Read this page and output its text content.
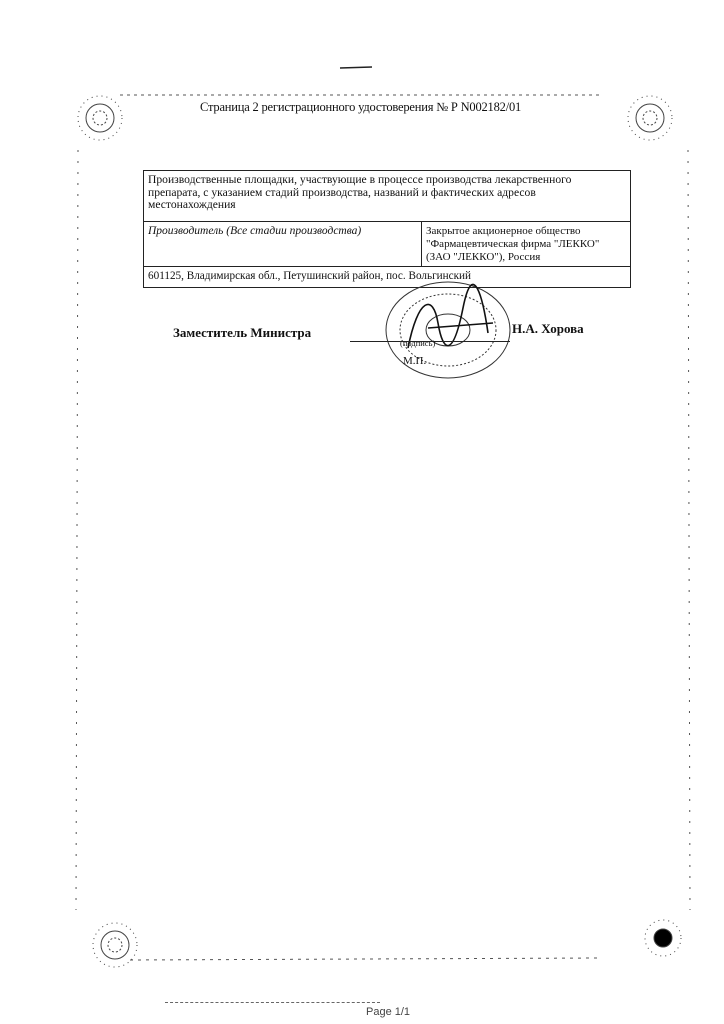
Страница 2 регистрационного удостоверения № Р N002182/01
Производственные площадки, участвующие в процессе производства лекарственного препарата, с указанием стадий производства, названий и фактических адресов местонахождения
Производитель (Все стадии производства)	Закрытое акционерное общество
"Фармацевтическая фирма "ЛЕККО"
(ЗАО "ЛЕККО"), Россия
601125, Владимирская обл., Петушинский район, пос. Вольгинский
Заместитель Министра
(подпись)
Н.А. Хорова
М.П.
Page 1/1
